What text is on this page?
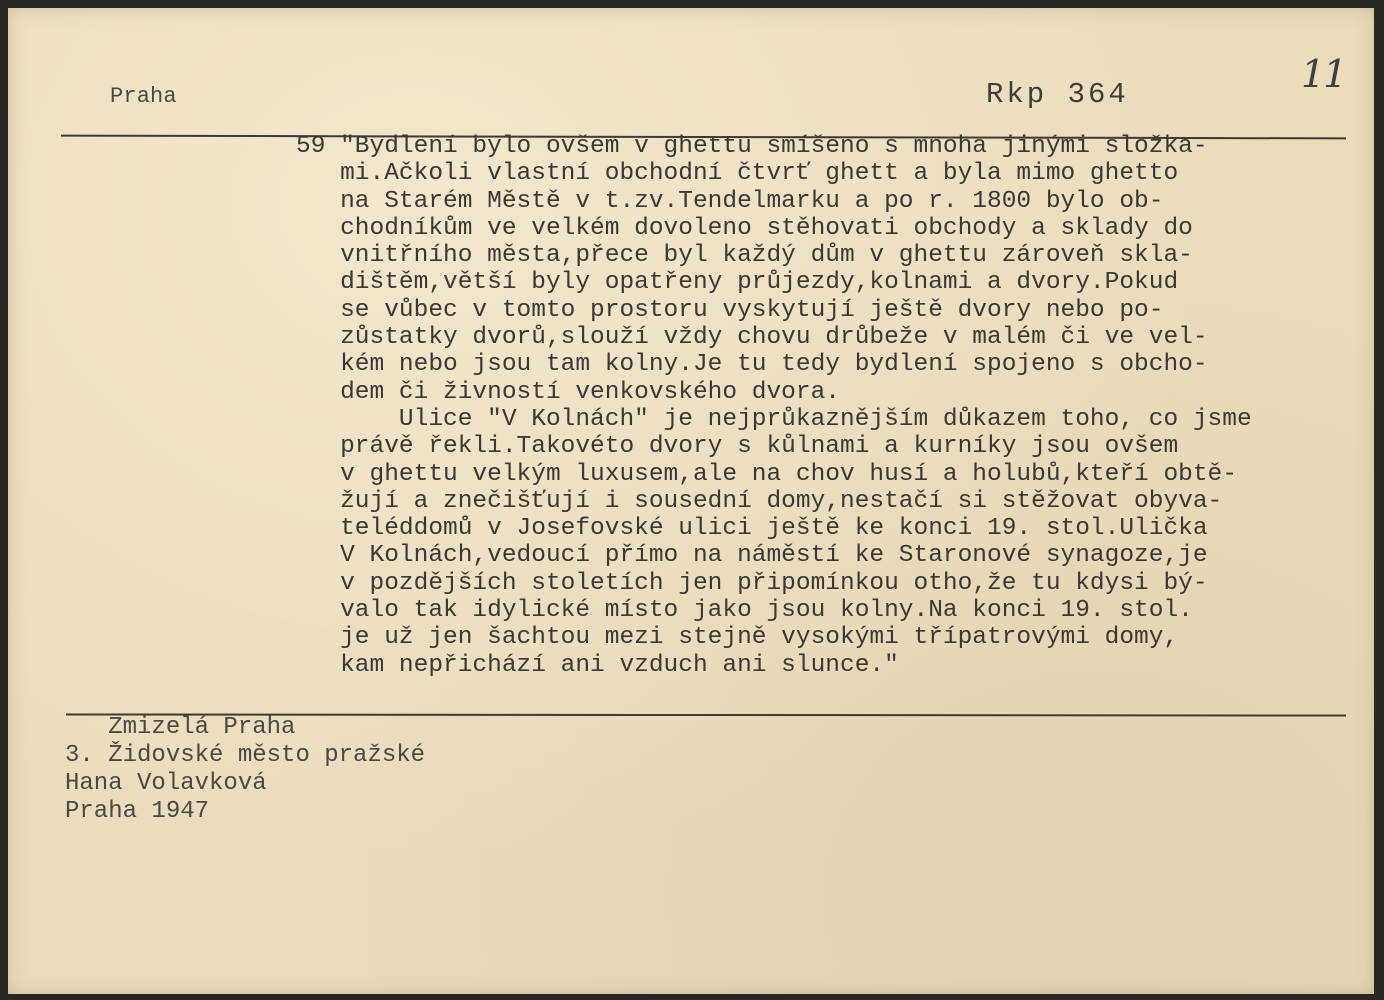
Praha	Rkp 364	11
59 "Bydlení bylo ovšem v ghettu smíšeno s mnoha jinými složka-
mi.Ačkoli vlastní obchodní čtvrť ghett a byla mimo ghetto
na Starém Městě v t.zv.Tendelmarku a po r. 1800 bylo ob-
chodníkům ve velkém dovoleno stěhovati obchody a sklady do
vnitřního města,přece byl každý dům v ghettu zároveň skla-
dištěm,větší byly opatřeny průjezdy,kolnami a dvory.Pokud
se vůbec v tomto prostoru vyskytují ještě dvory nebo po-
zůstatky dvorů,slouží vždy chovu drůbeže v malém či ve vel-
kém nebo jsou tam kolny.Je tu tedy bydlení spojeno s obcho-
dem či živností venkovského dvora.
Ulice "V Kolnách" je nejprůkaznějším důkazem toho, co jsme
právě řekli.Takovéto dvory s kůlnami a kurníky jsou ovšem
v ghettu velkým luxusem,ale na chov husí a holubů,kteří obtě-
žují a znečišťují i sousední domy,nestačí si stěžovat obyva-
teléddomů v Josefovské ulici ještě ke konci 19. stol.Ulička
V Kolnách,vedoucí přímo na náměstí ke Staronové synagoze,je
v pozdějších stoletích jen připomínkou otho,že tu kdysi bý-
valo tak idylické místo jako jsou kolny.Na konci 19. stol.
je už jen šachtou mezi stejně vysokými třípatrovými domy,
kam nepřichází ani vzduch ani slunce."
Zmizelá Praha
3. Židovské město pražské
Hana Volavková
Praha 1947
